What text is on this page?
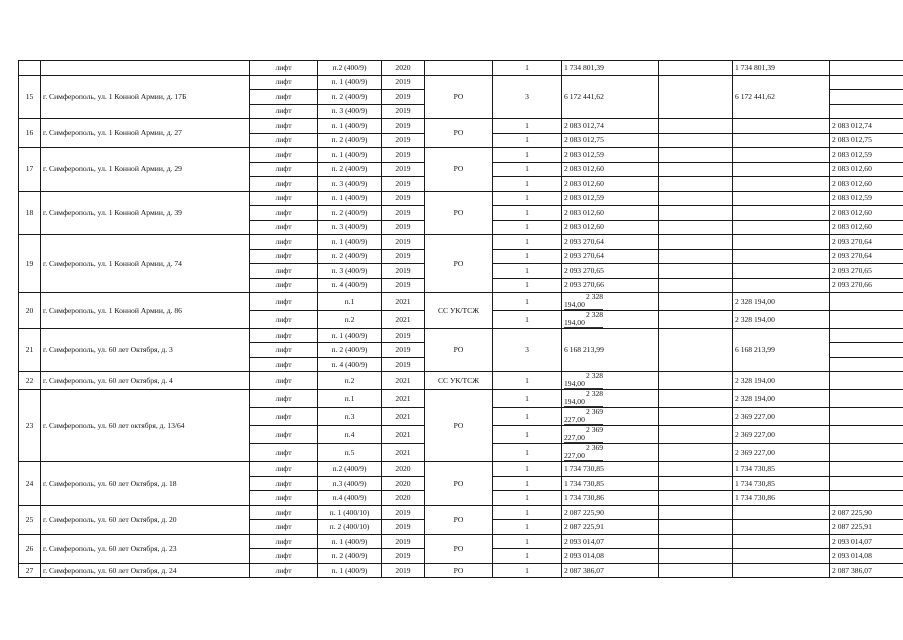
		лифт	п.2 (400/9)	2020		1	1 734 801,39		1 734 801,39	
15	г. Симферополь, ул. 1 Конной Армии, д. 17Б	лифт	п. 1 (400/9)	2019	РО	3	6 172 441,62		6 172 441,62	
		лифт	п. 2 (400/9)	2019						
		лифт	п. 3 (400/9)	2019						
16	г. Симферополь, ул. 1 Конной Армии, д. 27	лифт	п. 1 (400/9)	2019	РО	1	2 083 012,74			2 083 012,74
		лифт	п. 2 (400/9)	2019		1	2 083 012,75			2 083 012,75
17	г. Симферополь, ул. 1 Конной Армии, д. 29	лифт	п. 1 (400/9)	2019	РО	1	2 083 012,59			2 083 012,59
		лифт	п. 2 (400/9)	2019		1	2 083 012,60			2 083 012,60
		лифт	п. 3 (400/9)	2019		1	2 083 012,60			2 083 012,60
18	г. Симферополь, ул. 1 Конной Армии, д. 39	лифт	п. 1 (400/9)	2019	РО	1	2 083 012,59			2 083 012,59
		лифт	п. 2 (400/9)	2019		1	2 083 012,60			2 083 012,60
		лифт	п. 3 (400/9)	2019		1	2 083 012,60			2 083 012,60
19	г. Симферополь, ул. 1 Конной Армии, д. 74	лифт	п. 1 (400/9)	2019	РО	1	2 093 270,64			2 093 270,64
		лифт	п. 2 (400/9)	2019		1	2 093 270,64			2 093 270,64
		лифт	п. 3 (400/9)	2019		1	2 093 270,65			2 093 270,65
		лифт	п. 4 (400/9)	2019		1	2 093 270,66			2 093 270,66
20	г. Симферополь, ул. 1 Конной Армии, д. 86	лифт	п.1	2021	СС УК/ТСЖ	1	2 328
194,00		2 328 194,00	
		лифт	п.2	2021		1	2 328
194,00		2 328 194,00	
21	г. Симферополь, ул. 60 лет Октября, д. 3	лифт	п. 1 (400/9)	2019	РО	3	6 168 213,99		6 168 213,99	
		лифт	п. 2 (400/9)	2019						
		лифт	п. 4 (400/9)	2019						
22	г. Симферополь, ул. 60 лет Октября, д. 4	лифт	п.2	2021	СС УК/ТСЖ	1	2 328
194,00		2 328 194,00	
23	г. Симферополь, ул. 60 лет октября, д. 13/64	лифт	п.1	2021	РО	1	2 328
194,00		2 328 194,00	
		лифт	п.3	2021		1	2 369
227,00		2 369 227,00	
		лифт	п.4	2021		1	2 369
227,00		2 369 227,00	
		лифт	п.5	2021		1	2 369
227,00		2 369 227,00	
24	г. Симферополь, ул. 60 лет Октября, д. 18	лифт	п.2 (400/9)	2020	РО	1	1 734 730,85		1 734 730,85	
		лифт	п.3 (400/9)	2020		1	1 734 730,85		1 734 730,85	
		лифт	п.4 (400/9)	2020		1	1 734 730,86		1 734 730,86	
25	г. Симферополь, ул. 60 лет Октября, д. 20	лифт	п. 1 (400/10)	2019	РО	1	2 087 225,90			2 087 225,90
		лифт	п. 2 (400/10)	2019		1	2 087 225,91			2 087 225,91
26	г. Симферополь, ул. 60 лет Октября, д. 23	лифт	п. 1 (400/9)	2019	РО	1	2 093 014,07			2 093 014,07
		лифт	п. 2 (400/9)	2019		1	2 093 014,08			2 093 014,08
27	г. Симферополь, ул. 60 лет Октября, д. 24	лифт	п. 1 (400/9)	2019	РО	1	2 087 386,07			2 087 386,07
